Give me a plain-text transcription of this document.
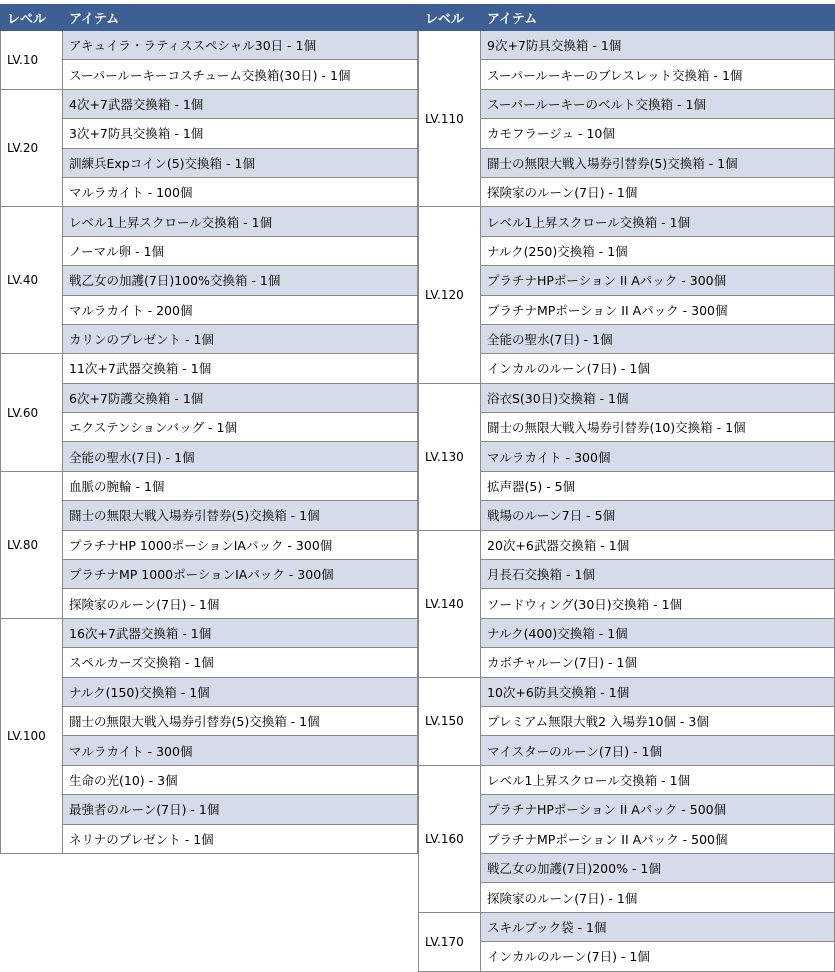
レベル	アイテム
LV.10	アキュイラ・ラティススペシャル30日 - 1個
	スーパールーキーコスチューム交換箱(30日) - 1個
LV.20	4次+7武器交換箱 - 1個
	3次+7防具交換箱 - 1個
	訓練兵Expコイン(5)交換箱 - 1個
	マルラカイト - 100個
LV.40	レベル1上昇スクロール交換箱 - 1個
	ノーマル卵 - 1個
	戦乙女の加護(7日)100%交換箱 - 1個
	マルラカイト - 200個
	カリンのプレゼント - 1個
LV.60	11次+7武器交換箱 - 1個
	6次+7防護交換箱 - 1個
	エクステンションバッグ - 1個
	全能の聖水(7日) - 1個
LV.80	血脈の腕輪 - 1個
	闘士の無限大戦入場券引替券(5)交換箱 - 1個
	プラチナHP 1000ポーションⅠAパック - 300個
	プラチナMP 1000ポーションⅠAパック - 300個
	探険家のルーン(7日) - 1個
LV.100	16次+7武器交換箱 - 1個
	スペルカーズ交換箱 - 1個
	ナルク(150)交換箱 - 1個
	闘士の無限大戦入場券引替券(5)交換箱 - 1個
	マルラカイト - 300個
	生命の光(10) - 3個
	最強者のルーン(7日) - 1個
	ネリナのプレゼント - 1個
レベル	アイテム
LV.110	9次+7防具交換箱 - 1個
	スーパールーキーのブレスレット交換箱 - 1個
	スーパールーキーのベルト交換箱 - 1個
	カモフラージュ - 10個
	闘士の無限大戦入場券引替券(5)交換箱 - 1個
	探険家のルーン(7日) - 1個
LV.120	レベル1上昇スクロール交換箱 - 1個
	ナルク(250)交換箱 - 1個
	プラチナHPポーション II Aパック - 300個
	プラチナMPポーション II Aパック - 300個
	全能の聖水(7日) - 1個
	インカルのルーン(7日) - 1個
LV.130	浴衣S(30日)交換箱 - 1個
	闘士の無限大戦入場券引替券(10)交換箱 - 1個
	マルラカイト - 300個
	拡声器(5) - 5個
	戦場のルーン7日 - 5個
LV.140	20次+6武器交換箱 - 1個
	月長石交換箱 - 1個
	ソードウィング(30日)交換箱 - 1個
	ナルク(400)交換箱 - 1個
	カボチャルーン(7日) - 1個
LV.150	10次+6防具交換箱 - 1個
	プレミアム無限大戦2 入場券10個 - 3個
	マイスターのルーン(7日) - 1個
LV.160	レベル1上昇スクロール交換箱 - 1個
	プラチナHPポーション II Aパック - 500個
	プラチナMPポーション II Aパック - 500個
	戦乙女の加護(7日)200% - 1個
	探険家のルーン(7日) - 1個
LV.170	スキルブック袋 - 1個
	インカルのルーン(7日) - 1個
